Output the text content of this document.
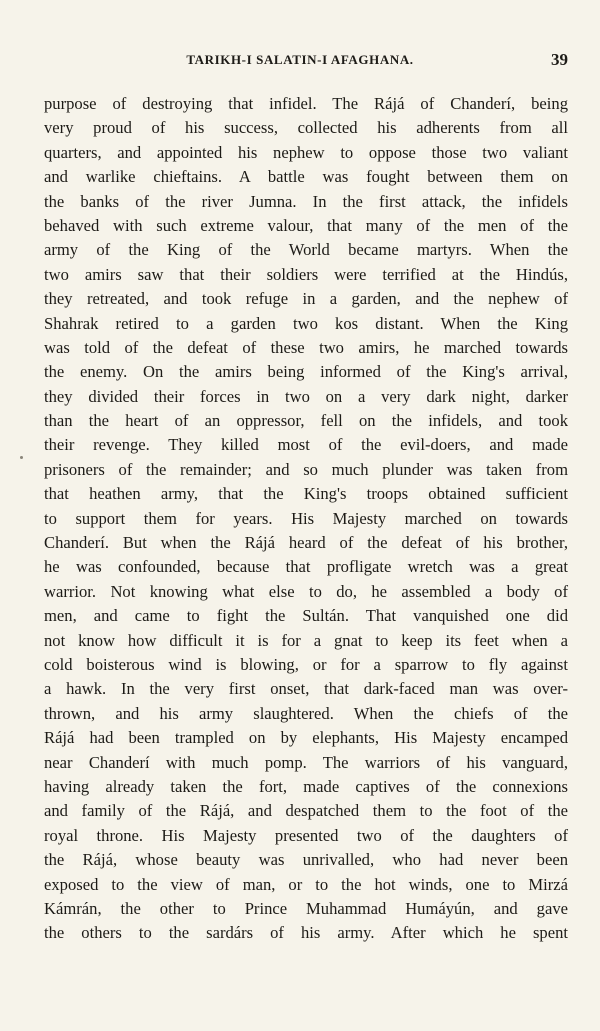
TARIKH-I SALATIN-I AFAGHANA.	39
purpose of destroying that infidel. The Rájá of Chanderí, being
very proud of his success, collected his adherents from all
quarters, and appointed his nephew to oppose those two valiant
and warlike chieftains. A battle was fought between them on
the banks of the river Jumna. In the first attack, the infidels
behaved with such extreme valour, that many of the men of the
army of the King of the World became martyrs. When the
two amirs saw that their soldiers were terrified at the Hindús,
they retreated, and took refuge in a garden, and the nephew of
Shahrak retired to a garden two kos distant. When the King
was told of the defeat of these two amirs, he marched towards
the enemy. On the amirs being informed of the King's arrival,
they divided their forces in two on a very dark night, darker
than the heart of an oppressor, fell on the infidels, and took
their revenge. They killed most of the evil-doers, and made
prisoners of the remainder; and so much plunder was taken from
that heathen army, that the King's troops obtained sufficient
to support them for years. His Majesty marched on towards
Chanderí. But when the Rájá heard of the defeat of his brother,
he was confounded, because that profligate wretch was a great
warrior. Not knowing what else to do, he assembled a body of
men, and came to fight the Sultán. That vanquished one did
not know how difficult it is for a gnat to keep its feet when a
cold boisterous wind is blowing, or for a sparrow to fly against
a hawk. In the very first onset, that dark-faced man was over-
thrown, and his army slaughtered. When the chiefs of the
Rájá had been trampled on by elephants, His Majesty encamped
near Chanderí with much pomp. The warriors of his vanguard,
having already taken the fort, made captives of the connexions
and family of the Rájá, and despatched them to the foot of the
royal throne. His Majesty presented two of the daughters of
the Rájá, whose beauty was unrivalled, who had never been
exposed to the view of man, or to the hot winds, one to Mirzá
Kámrán, the other to Prince Muhammad Humáyún, and gave
the others to the sardárs of his army. After which he spent
